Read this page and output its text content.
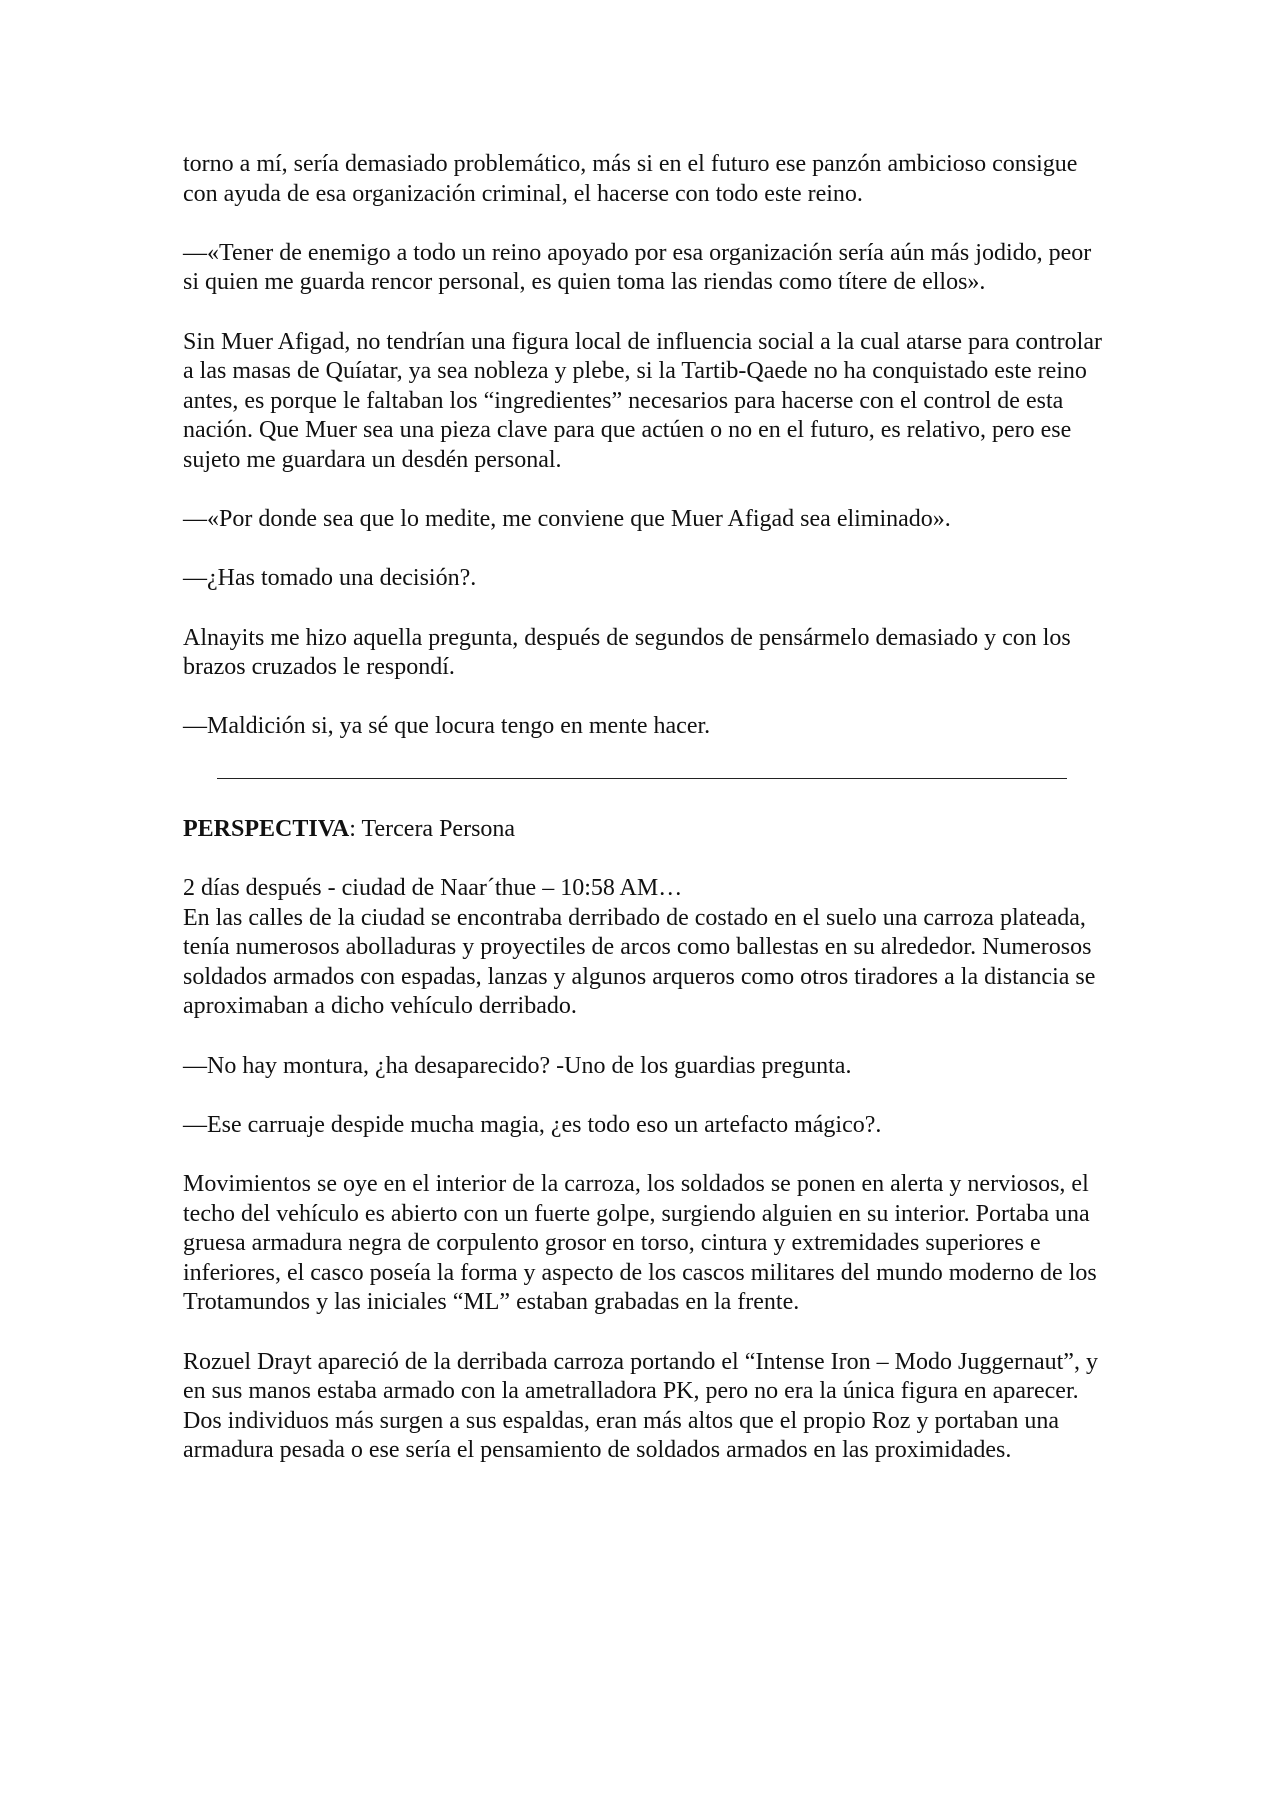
torno a mí, sería demasiado problemático, más si en el futuro ese panzón ambicioso consigue con ayuda de esa organización criminal, el hacerse con todo este reino.

—«Tener de enemigo a todo un reino apoyado por esa organización sería aún más jodido, peor si quien me guarda rencor personal, es quien toma las riendas como títere de ellos».

Sin Muer Afigad, no tendrían una figura local de influencia social a la cual atarse para controlar a las masas de Quíatar, ya sea nobleza y plebe, si la Tartib-Qaede no ha conquistado este reino antes, es porque le faltaban los “ingredientes” necesarios para hacerse con el control de esta nación. Que Muer sea una pieza clave para que actúen o no en el futuro, es relativo, pero ese sujeto me guardara un desdén personal.

—«Por donde sea que lo medite, me conviene que Muer Afigad sea eliminado».

—¿Has tomado una decisión?.

Alnayits me hizo aquella pregunta, después de segundos de pensármelo demasiado y con los brazos cruzados le respondí.

—Maldición si, ya sé que locura tengo en mente hacer.

PERSPECTIVA: Tercera Persona

2 días después - ciudad de Naar´thue – 10:58 AM…

En las calles de la ciudad se encontraba derribado de costado en el suelo una carroza plateada, tenía numerosos abolladuras y proyectiles de arcos como ballestas en su alrededor. Numerosos soldados armados con espadas, lanzas y algunos arqueros como otros tiradores a la distancia se aproximaban a dicho vehículo derribado.

—No hay montura, ¿ha desaparecido? -Uno de los guardias pregunta.

—Ese carruaje despide mucha magia, ¿es todo eso un artefacto mágico?.

Movimientos se oye en el interior de la carroza, los soldados se ponen en alerta y nerviosos, el techo del vehículo es abierto con un fuerte golpe, surgiendo alguien en su interior. Portaba una gruesa armadura negra de corpulento grosor en torso, cintura y extremidades superiores e inferiores, el casco poseía la forma y aspecto de los cascos militares del mundo moderno de los Trotamundos y las iniciales “ML” estaban grabadas en la frente.

Rozuel Drayt apareció de la derribada carroza portando el “Intense Iron – Modo Juggernaut”, y en sus manos estaba armado con la ametralladora PK, pero no era la única figura en aparecer. Dos individuos más surgen a sus espaldas, eran más altos que el propio Roz y portaban una armadura pesada o ese sería el pensamiento de soldados armados en las proximidades.
